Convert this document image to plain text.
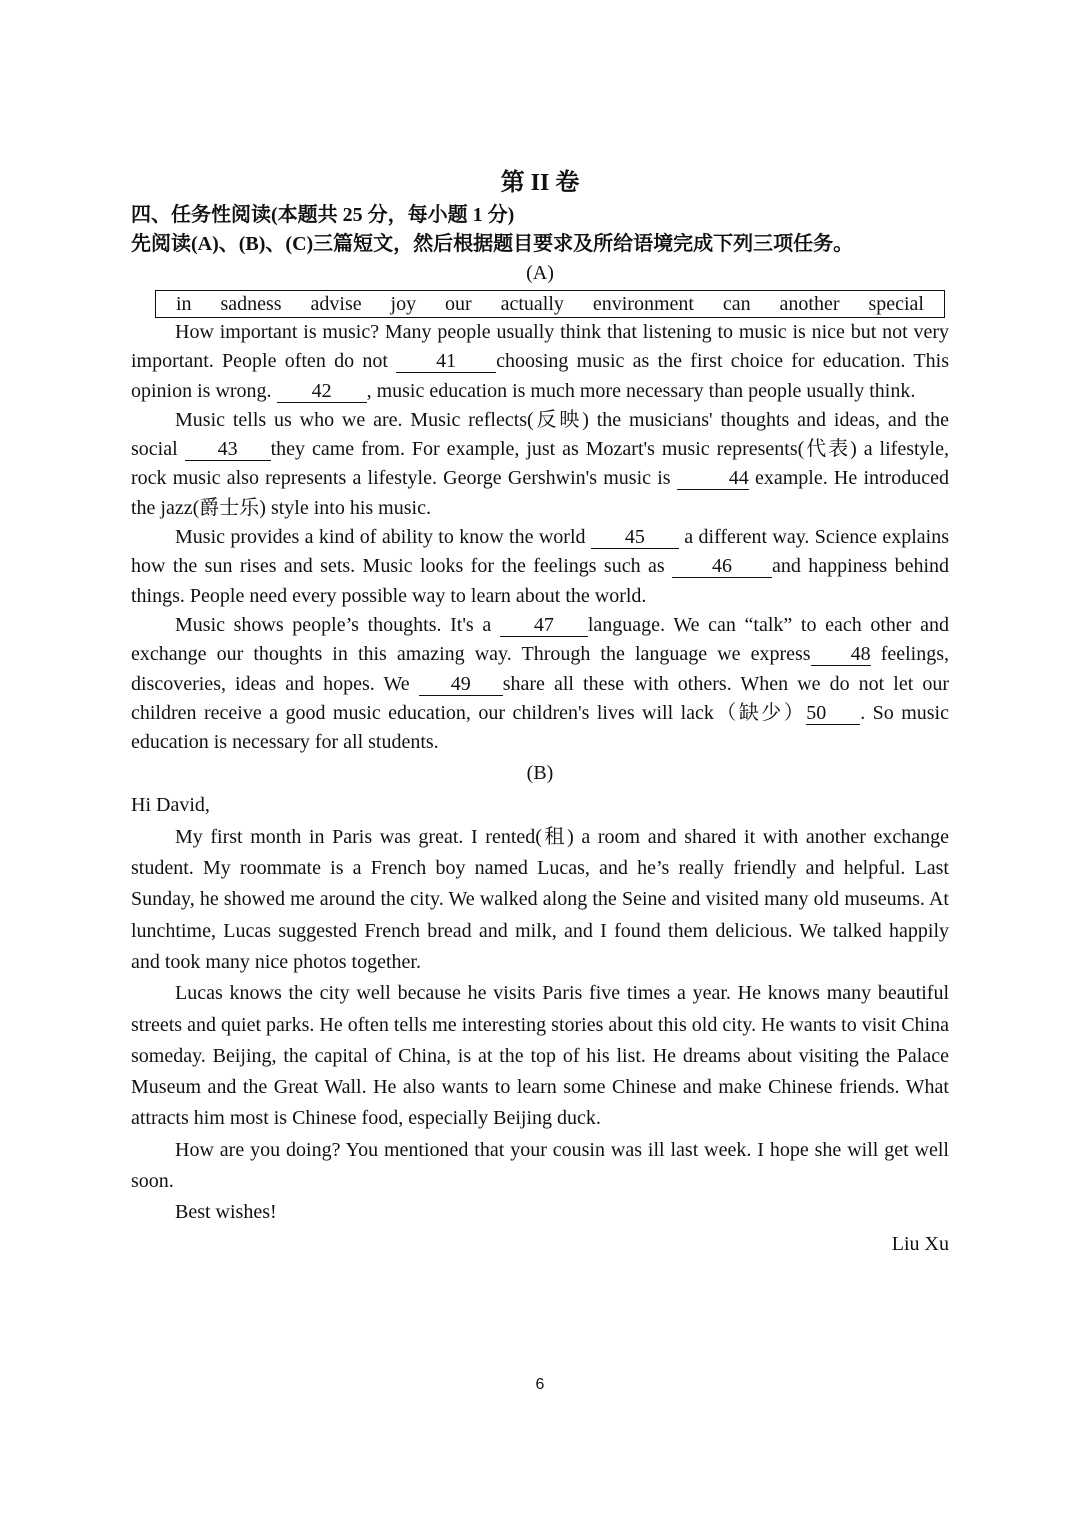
第 II 卷

四、任务性阅读(本题共 25 分，每小题 1 分)

先阅读(A)、(B)、(C)三篇短文，然后根据题目要求及所给语境完成下列三项任务。

(A)

in sadness advise joy our actually environment can another special

How important is music? Many people usually think that listening to music is nice but not very important. People often do not 41 choosing music as the first choice for education. This opinion is wrong. 42 , music education is much more necessary than people usually think.

Music tells us who we are. Music reflects(反映) the musicians' thoughts and ideas, and the social 43 they came from. For example, just as Mozart's music represents(代表) a lifestyle, rock music also represents a lifestyle. George Gershwin's music is	44 example. He introduced the jazz(爵士乐) style into his music.

Music provides a kind of ability to know the world 45 a different way. Science explains how the sun rises and sets. Music looks for the feelings such as 46 and happiness behind things. People need every possible way to learn about the world.

Music shows people’s thoughts. It's a 47 language. We can “talk” to each other and exchange our thoughts in this amazing way. Through the language we express 48 feelings, discoveries, ideas and hopes. We 49 share all these with others. When we do not let our children receive a good music education, our children's lives will lack（缺少）50 . So music education is necessary for all students.

(B)

Hi David,

My first month in Paris was great. I rented(租) a room and shared it with another exchange student. My roommate is a French boy named Lucas, and he’s really friendly and helpful. Last Sunday, he showed me around the city. We walked along the Seine and visited many old museums. At lunchtime, Lucas suggested French bread and milk, and I found them delicious. We talked happily and took many nice photos together.

Lucas knows the city well because he visits Paris five times a year. He knows many beautiful streets and quiet parks. He often tells me interesting stories about this old city. He wants to visit China someday. Beijing, the capital of China, is at the top of his list. He dreams about visiting the Palace Museum and the Great Wall. He also wants to learn some Chinese and make Chinese friends. What attracts him most is Chinese food, especially Beijing duck.

How are you doing? You mentioned that your cousin was ill last week. I hope she will get well soon.

Best wishes!

Liu Xu

6
